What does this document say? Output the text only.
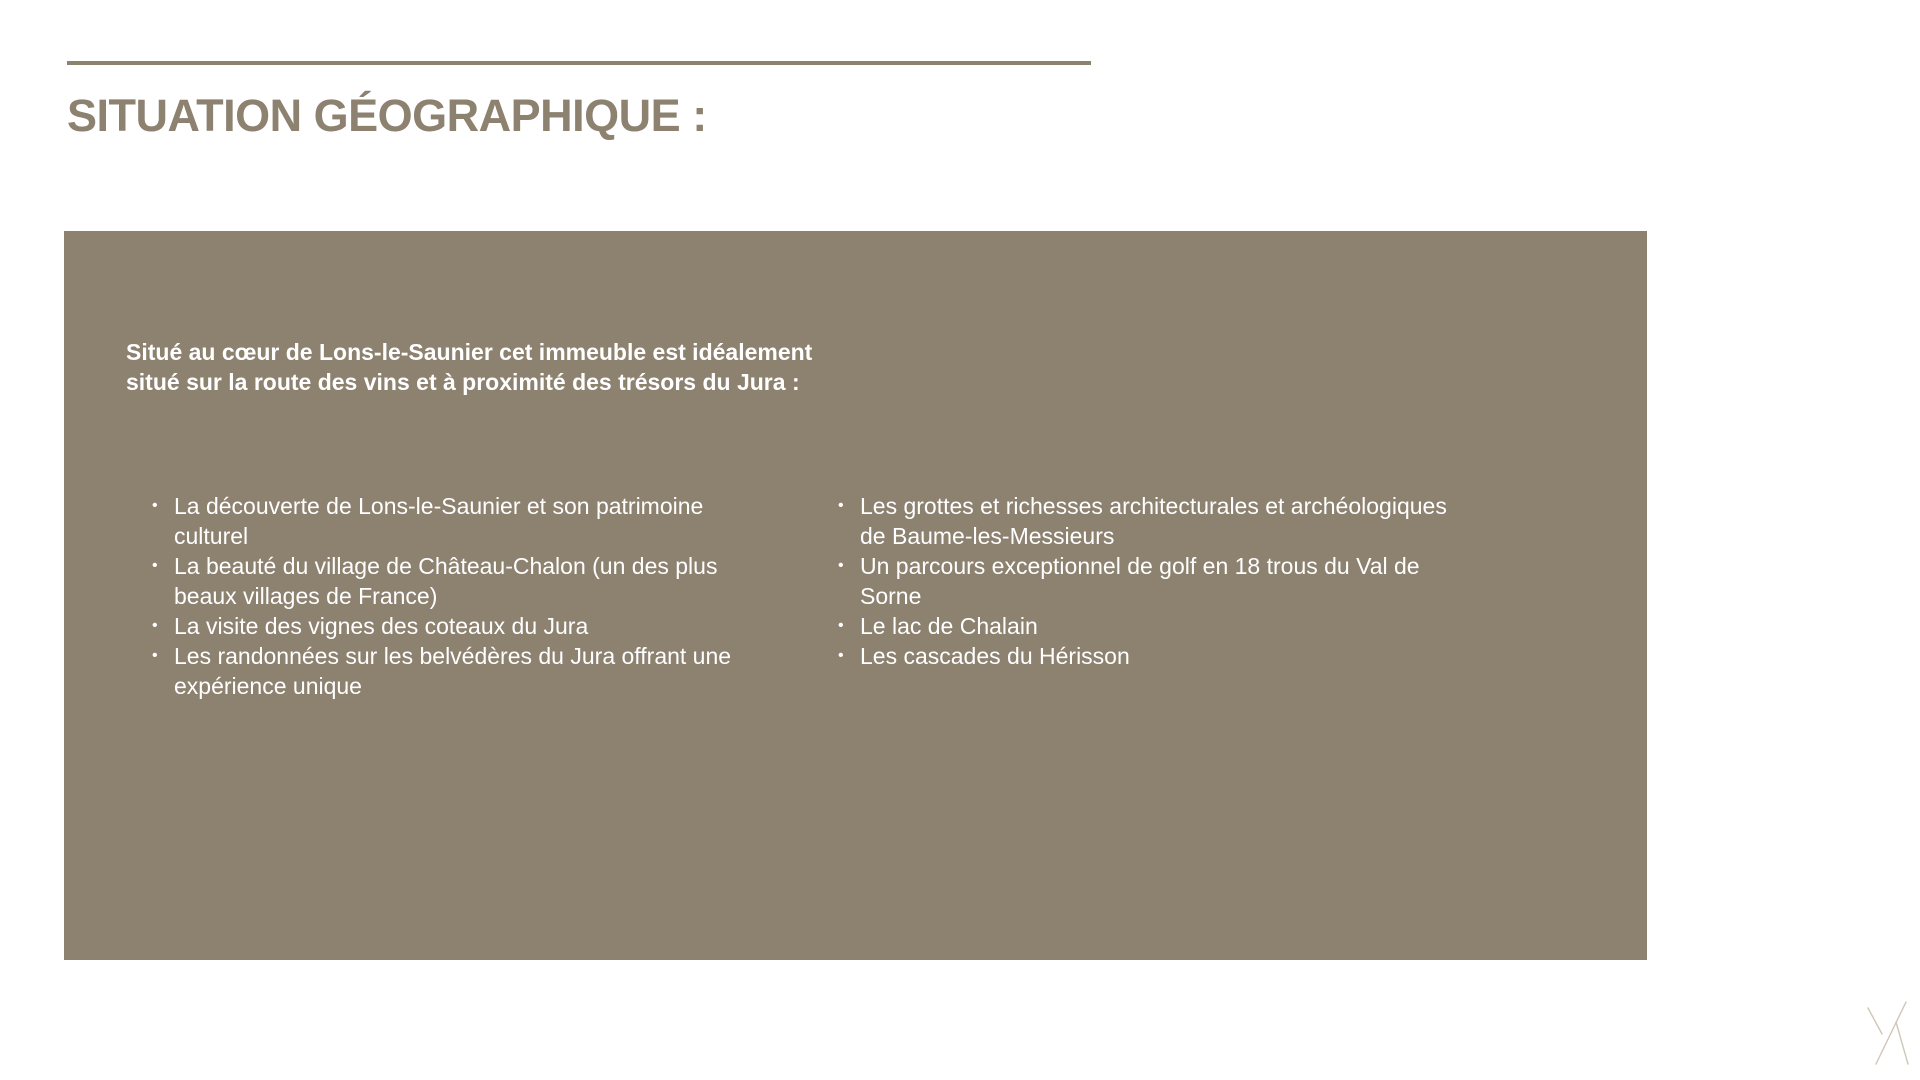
SITUATION GÉOGRAPHIQUE :

Situé au cœur de Lons-le-Saunier cet immeuble est idéalement situé sur la route des vins et à proximité des trésors du Jura :

• La découverte de Lons-le-Saunier et son patrimoine culturel
• La beauté du village de Château-Chalon (un des plus beaux villages de France)
• La visite des vignes des coteaux du Jura
• Les randonnées sur les belvédères du Jura offrant une expérience unique
• Les grottes et richesses architecturales et archéologiques de Baume-les-Messieurs
• Un parcours exceptionnel de golf en 18 trous du Val de Sorne
• Le lac de Chalain
• Les cascades du Hérisson
